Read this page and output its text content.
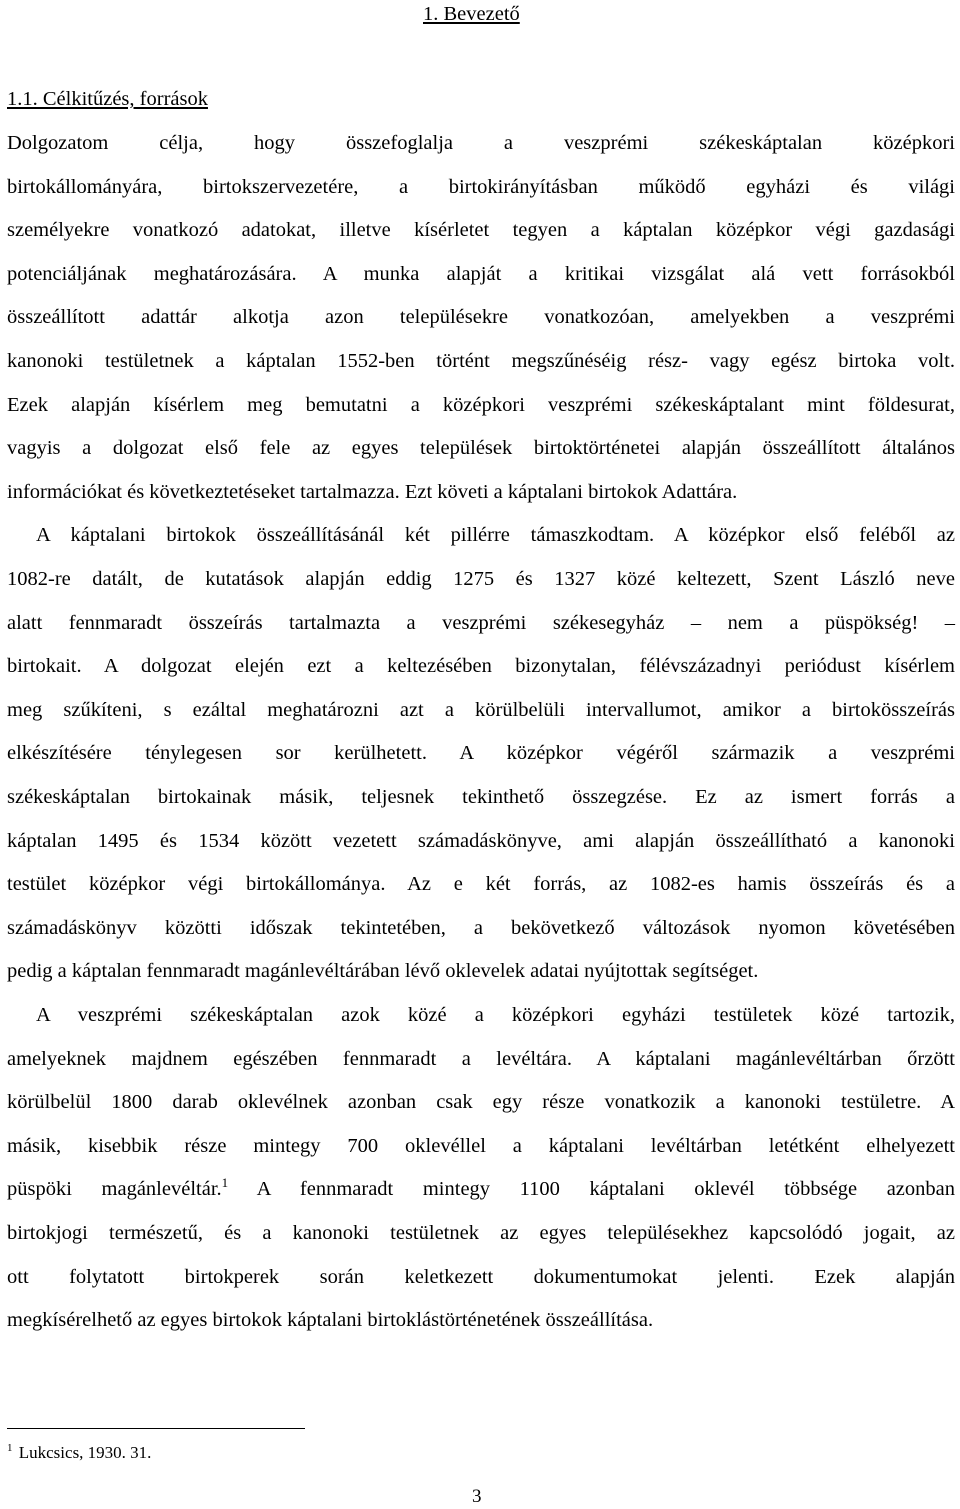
1. Bevezető
1.1. Célkitűzés, források
Dolgozatom célja, hogy összefoglalja a veszprémi székeskáptalan középkori
birtokállományára, birtokszervezetére, a birtokirányításban működő egyházi és világi
személyekre vonatkozó adatokat, illetve kísérletet tegyen a káptalan középkor végi gazdasági
potenciáljának meghatározására. A munka alapját a kritikai vizsgálat alá vett forrásokból
összeállított adattár alkotja azon településekre vonatkozóan, amelyekben a veszprémi
kanonoki testületnek a káptalan 1552-ben történt megszűnéséig rész- vagy egész birtoka volt.
Ezek alapján kísérlem meg bemutatni a középkori veszprémi székeskáptalant mint földesurat,
vagyis a dolgozat első fele az egyes települések birtoktörténetei alapján összeállított általános
információkat és következtetéseket tartalmazza. Ezt követi a káptalani birtokok Adattára.
A káptalani birtokok összeállításánál két pillérre támaszkodtam. A középkor első feléből az
1082-re datált, de kutatások alapján eddig 1275 és 1327 közé keltezett, Szent László neve
alatt fennmaradt összeírás tartalmazta a veszprémi székesegyház – nem a püspökség! –
birtokait. A dolgozat elején ezt a keltezésében bizonytalan, félévszázadnyi periódust kísérlem
meg szűkíteni, s ezáltal meghatározni azt a körülbelüli intervallumot, amikor a birtokösszeírás
elkészítésére ténylegesen sor kerülhetett. A középkor végéről származik a veszprémi
székeskáptalan birtokainak másik, teljesnek tekinthető összegzése. Ez az ismert forrás a
káptalan 1495 és 1534 között vezetett számadáskönyve, ami alapján összeállítható a kanonoki
testület középkor végi birtokállománya. Az e két forrás, az 1082-es hamis összeírás és a
számadáskönyv közötti időszak tekintetében, a bekövetkező változások nyomon követésében
pedig a káptalan fennmaradt magánlevéltárában lévő oklevelek adatai nyújtottak segítséget.
A veszprémi székeskáptalan azok közé a középkori egyházi testületek közé tartozik,
amelyeknek majdnem egészében fennmaradt a levéltára. A káptalani magánlevéltárban őrzött
körülbelül 1800 darab oklevélnek azonban csak egy része vonatkozik a kanonoki testületre. A
másik, kisebbik része mintegy 700 oklevéllel a káptalani levéltárban letétként elhelyezett
püspöki magánlevéltár.$^1$ A fennmaradt mintegy 1100 káptalani oklevél többsége azonban
birtokjogi természetű, és a kanonoki testületnek az egyes településekhez kapcsolódó jogait, az
ott folytatott birtokperek során keletkezett dokumentumokat jelenti. Ezek alapján
megkísérelhető az egyes birtokok káptalani birtoklástörténetének összeállítása.
$^1$ Lukcsics, 1930. 31.
3
